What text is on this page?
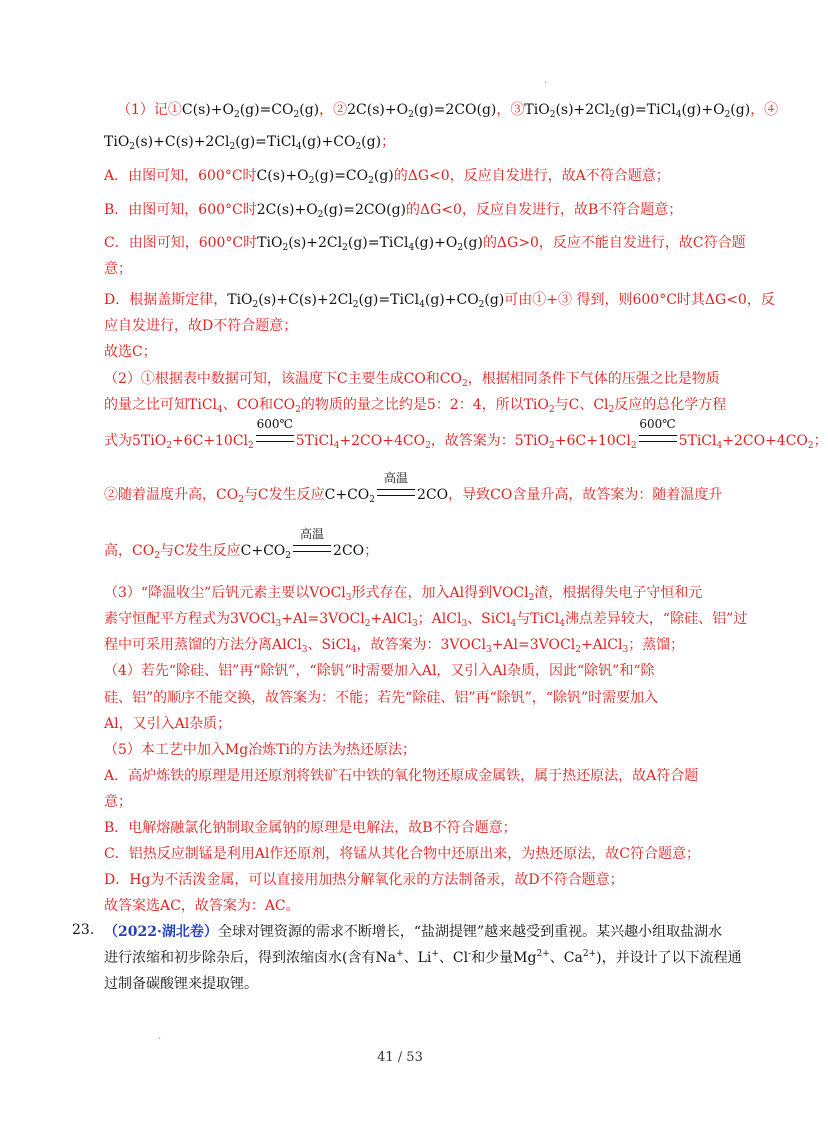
·
（1）记$①C(s)+O_2(g)=CO_2(g)$，$②2C(s)+O_2(g)=2CO(g)$，$③TiO_2(s)+2Cl_2(g)=TiCl_4(g)+O_2(g)$，④
$TiO_2(s)+C(s)+2Cl_2(g)=TiCl_4(g)+CO_2(g)$；
A．由图可知，600°C时$C(s)+O_2(g)=CO_2(g)$的ΔG<0，反应自发进行，故A不符合题意；
B．由图可知，600°C时$2C(s)+O_2(g)=2CO(g)$的ΔG<0，反应自发进行，故B不符合题意；
C．由图可知，600°C时$TiO_2(s)+2Cl_2(g)=TiCl_4(g)+O_2(g)$的ΔG>0，反应不能自发进行，故C符合题
意；
D．根据盖斯定律，$TiO_2(s)+C(s)+2Cl_2(g)=TiCl_4(g)+CO_2(g)$可由①+③ 得到，则600°C时其ΔG<0，反
应自发进行，故D不符合题意；
故选C；
（2）①根据表中数据可知，该温度下C主要生成CO和$CO_2$，根据相同条件下气体的压强之比是物质
的量之比可知TiCl$_4$、CO和$CO_2$的物质的量之比约是5：2：4，所以TiO$_2$与C、$Cl_2$反应的总化学方程
式为$5TiO_2+6C+10Cl_2$
600℃
$5TiCl_4+2CO+4CO_2$，故答案为：$5TiO_2+6C+10Cl_2$
600℃
$5TiCl_4+2CO+4CO_2$；
②随着温度升高，$CO_2$与C发生反应$C+CO_2$
高温
2CO，导致CO含量升高，故答案为：随着温度升
高，$CO_2$与C发生反应$C+CO_2$
高温
2CO；
（3）“降温收尘”后钒元素主要以VOCl$_3$形式存在，加入Al得到VOCl$_2$渣，根据得失电子守恒和元
素守恒配平方程式为3VOCl$_3$+Al=3VOCl$_2$+AlCl$_3$；AlCl$_3$、SiCl$_4$与TiCl$_4$沸点差异较大，“除硅、铝”过
程中可采用蒸馏的方法分离AlCl$_3$、SiCl$_4$，故答案为：3VOCl$_3$+Al=3VOCl$_2$+AlCl$_3$；蒸馏；
（4）若先“除硅、铝”再“除钒”，“除钒”时需要加入Al，又引入Al杂质，因此“除钒”和“除
硅、铝”的顺序不能交换，故答案为：不能；若先“除硅、铝”再“除钒”，“除钒”时需要加入
Al，又引入Al杂质；
（5）本工艺中加入Mg冶炼Ti的方法为热还原法；
A．高炉炼铁的原理是用还原剂将铁矿石中铁的氧化物还原成金属铁，属于热还原法，故A符合题
意；
B．电解熔融氯化钠制取金属钠的原理是电解法，故B不符合题意；
C．铝热反应制锰是利用Al作还原剂，将锰从其化合物中还原出来，为热还原法，故C符合题意；
D．Hg为不活泼金属，可以直接用加热分解氧化汞的方法制备汞，故D不符合题意；
故答案选AC，故答案为：AC。
23. （2022·湖北卷）全球对锂资源的需求不断增长，“盐湖提锂”越来越受到重视。某兴趣小组取盐湖水
进行浓缩和初步除杂后，得到浓缩卤水(含有Na+、Li+、Cl-和少量$Mg^{2+}$、$Ca^{2+}$)，并设计了以下流程通
过制备碳酸锂来提取锂。
·
41 / 53
